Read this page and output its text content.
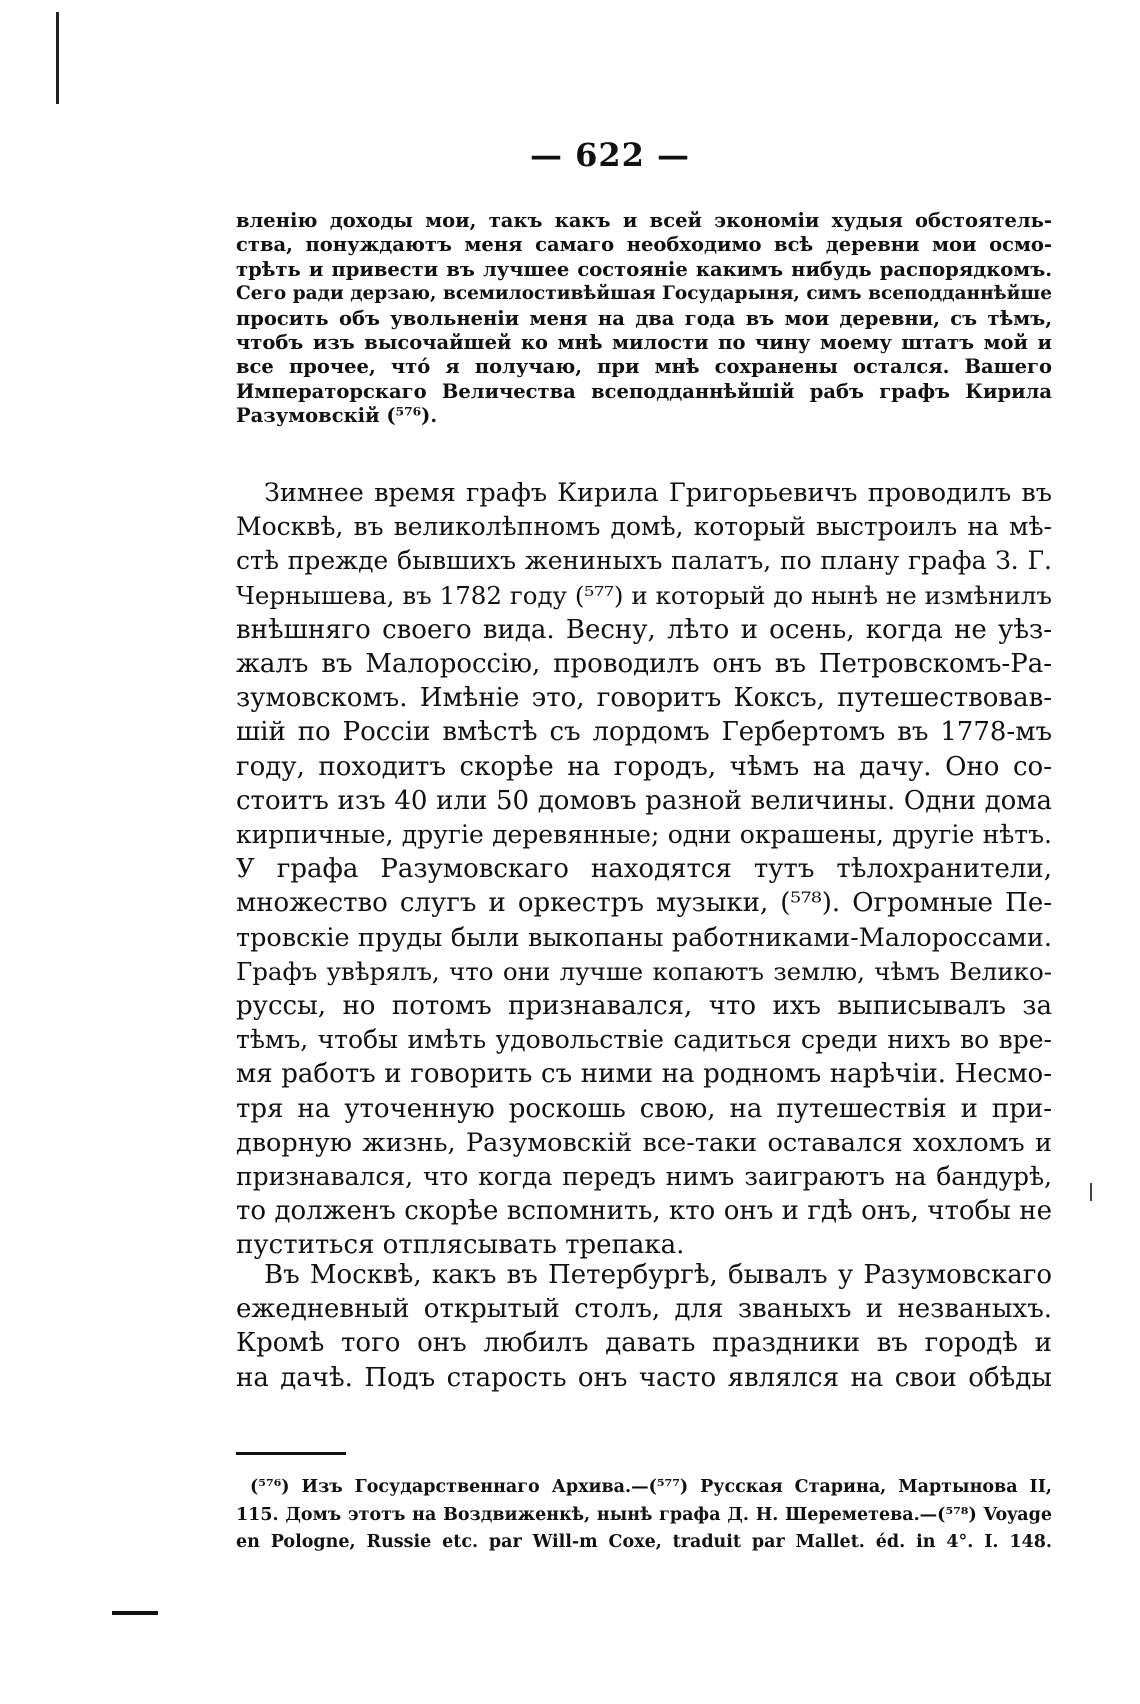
— 622 —
вленію доходы мои, такъ какъ и всей экономіи худыя обстоятель-
ства, понуждаютъ меня самаго необходимо всѣ деревни мои осмо-
трѣть и привести въ лучшее состояніе какимъ нибудь распорядкомъ.
Сего ради дерзаю, всемилостивѣйшая Государыня, симъ всеподданнѣйше
просить объ увольненіи меня на два года въ мои деревни, съ тѣмъ,
чтобъ изъ высочайшей ко мнѣ милости по чину моему штатъ мой и
все прочее, что́ я получаю, при мнѣ сохранены остался. Вашего
Императорскаго Величества всеподданнѣйшій рабъ графъ Кирила
Разумовскій (⁵⁷⁶).
Зимнее время графъ Кирила Григорьевичъ проводилъ въ
Москвѣ, въ великолѣпномъ домѣ, который выстроилъ на мѣ-
стѣ прежде бывшихъ жениныхъ палатъ, по плану графа З. Г.
Чернышева, въ 1782 году (⁵⁷⁷) и который до нынѣ не измѣнилъ
внѣшняго своего вида. Весну, лѣто и осень, когда не уѣз-
жалъ въ Малороссію, проводилъ онъ въ Петровскомъ-Ра-
зумовскомъ. Имѣніе это, говоритъ Коксъ, путешествовав-
шій по Россіи вмѣстѣ съ лордомъ Гербертомъ въ 1778-мъ
году, походитъ скорѣе на городъ, чѣмъ на дачу. Оно со-
стоитъ изъ 40 или 50 домовъ разной величины. Одни дома
кирпичные, другіе деревянные; одни окрашены, другіе нѣтъ.
У графа Разумовскаго находятся тутъ тѣлохранители,
множество слугъ и оркестръ музыки, (⁵⁷⁸). Огромные Пе-
тровскіе пруды были выкопаны работниками-Малороссами.
Графъ увѣрялъ, что они лучше копаютъ землю, чѣмъ Велико-
руссы, но потомъ признавался, что ихъ выписывалъ за
тѣмъ, чтобы имѣть удовольствіе садиться среди нихъ во вре-
мя работъ и говорить съ ними на родномъ нарѣчіи. Несмо-
тря на уточенную роскошь свою, на путешествія и при-
дворную жизнь, Разумовскій все-таки оставался хохломъ и
признавался, что когда передъ нимъ заиграютъ на бандурѣ,
то долженъ скорѣе вспомнить, кто онъ и гдѣ онъ, чтобы не
пуститься отплясывать трепака.
Въ Москвѣ, какъ въ Петербургѣ, бывалъ у Разумовскаго
ежедневный открытый столъ, для званыхъ и незваныхъ.
Кромѣ того онъ любилъ давать праздники въ городѣ и
на дачѣ. Подъ старость онъ часто являлся на свои обѣды
(⁵⁷⁶) Изъ Государственнаго Архива.—(⁵⁷⁷) Русская Старина, Мартынова II,
115. Домъ этотъ на Воздвиженкѣ, нынѣ графа Д. Н. Шереметева.—(⁵⁷⁸) Voyage
en Pologne, Russie etc. par Will-m Coxe, traduit par Mallet. éd. in 4°. I. 148.
